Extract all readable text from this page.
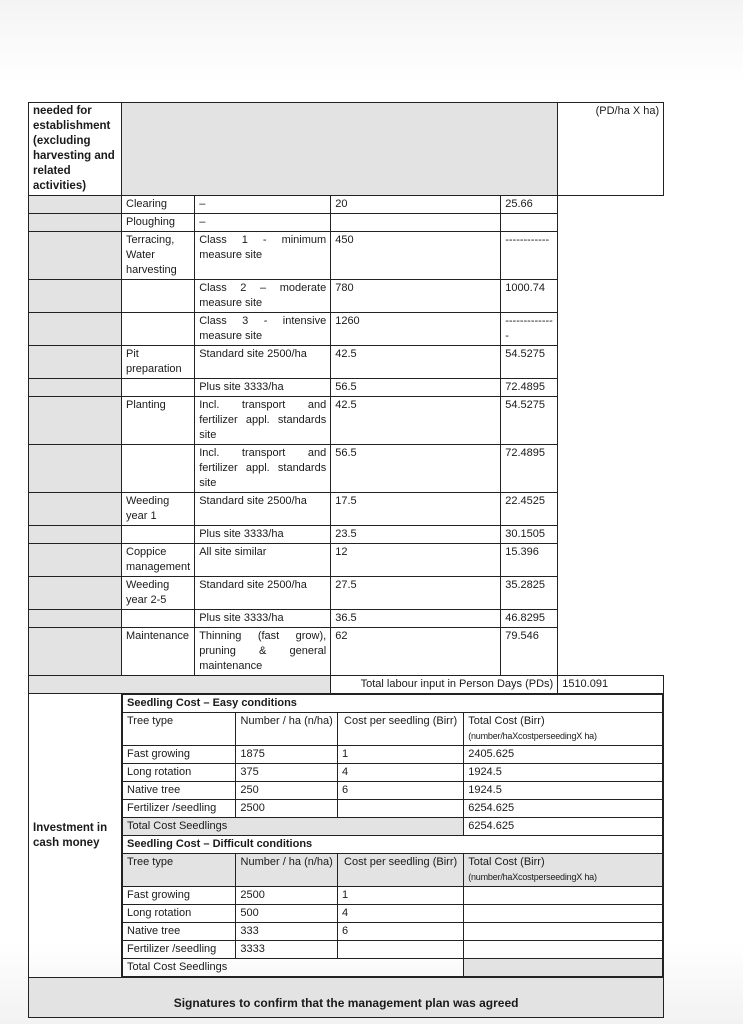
needed for establishment (excluding harvesting and related activities)		(PD/ha X ha)
	Clearing	–	20	25.66
	Ploughing	–		
	Terracing, Water harvesting	Class 1 - minimum measure site	450	------------
		Class 2 – moderate measure site	780	1000.74
		Class 3 - intensive measure site	1260	--------------
	Pit preparation	Standard site 2500/ha	42.5	54.5275
		Plus site 3333/ha	56.5	72.4895
	Planting	Incl. transport and fertilizer appl. standards site	42.5	54.5275
		Incl. transport and fertilizer appl. standards site	56.5	72.4895
	Weeding year 1	Standard site 2500/ha	17.5	22.4525
		Plus site 3333/ha	23.5	30.1505
	Coppice management	All site similar	12	15.396
	Weeding year 2-5	Standard site 2500/ha	27.5	35.2825
		Plus site 3333/ha	36.5	46.8295
	Maintenance	Thinning (fast grow), pruning & general maintenance	62	79.546
	Total labour input in Person Days (PDs)	1510.091
Investment in cash money	
Seedling Cost – Easy conditions
Tree type	Number / ha (n/ha)	Cost per seedling (Birr)	Total Cost (Birr)
(number/haXcostperseedingX ha)

Fast growing	1875	1	2405.625
Long rotation	375	4	1924.5
Native tree	250	6	1924.5
Fertilizer /seedling	2500		6254.625
Total Cost Seedlings	6254.625
Seedling Cost – Difficult conditions
Tree type	Number / ha (n/ha)	Cost per seedling (Birr)	Total Cost (Birr)
(number/haXcostperseedingX ha)

Fast growing	2500	1	
Long rotation	500	4	
Native tree	333	6	
Fertilizer /seedling	3333		
Total Cost Seedlings	

Signatures to confirm that the management plan was agreed
